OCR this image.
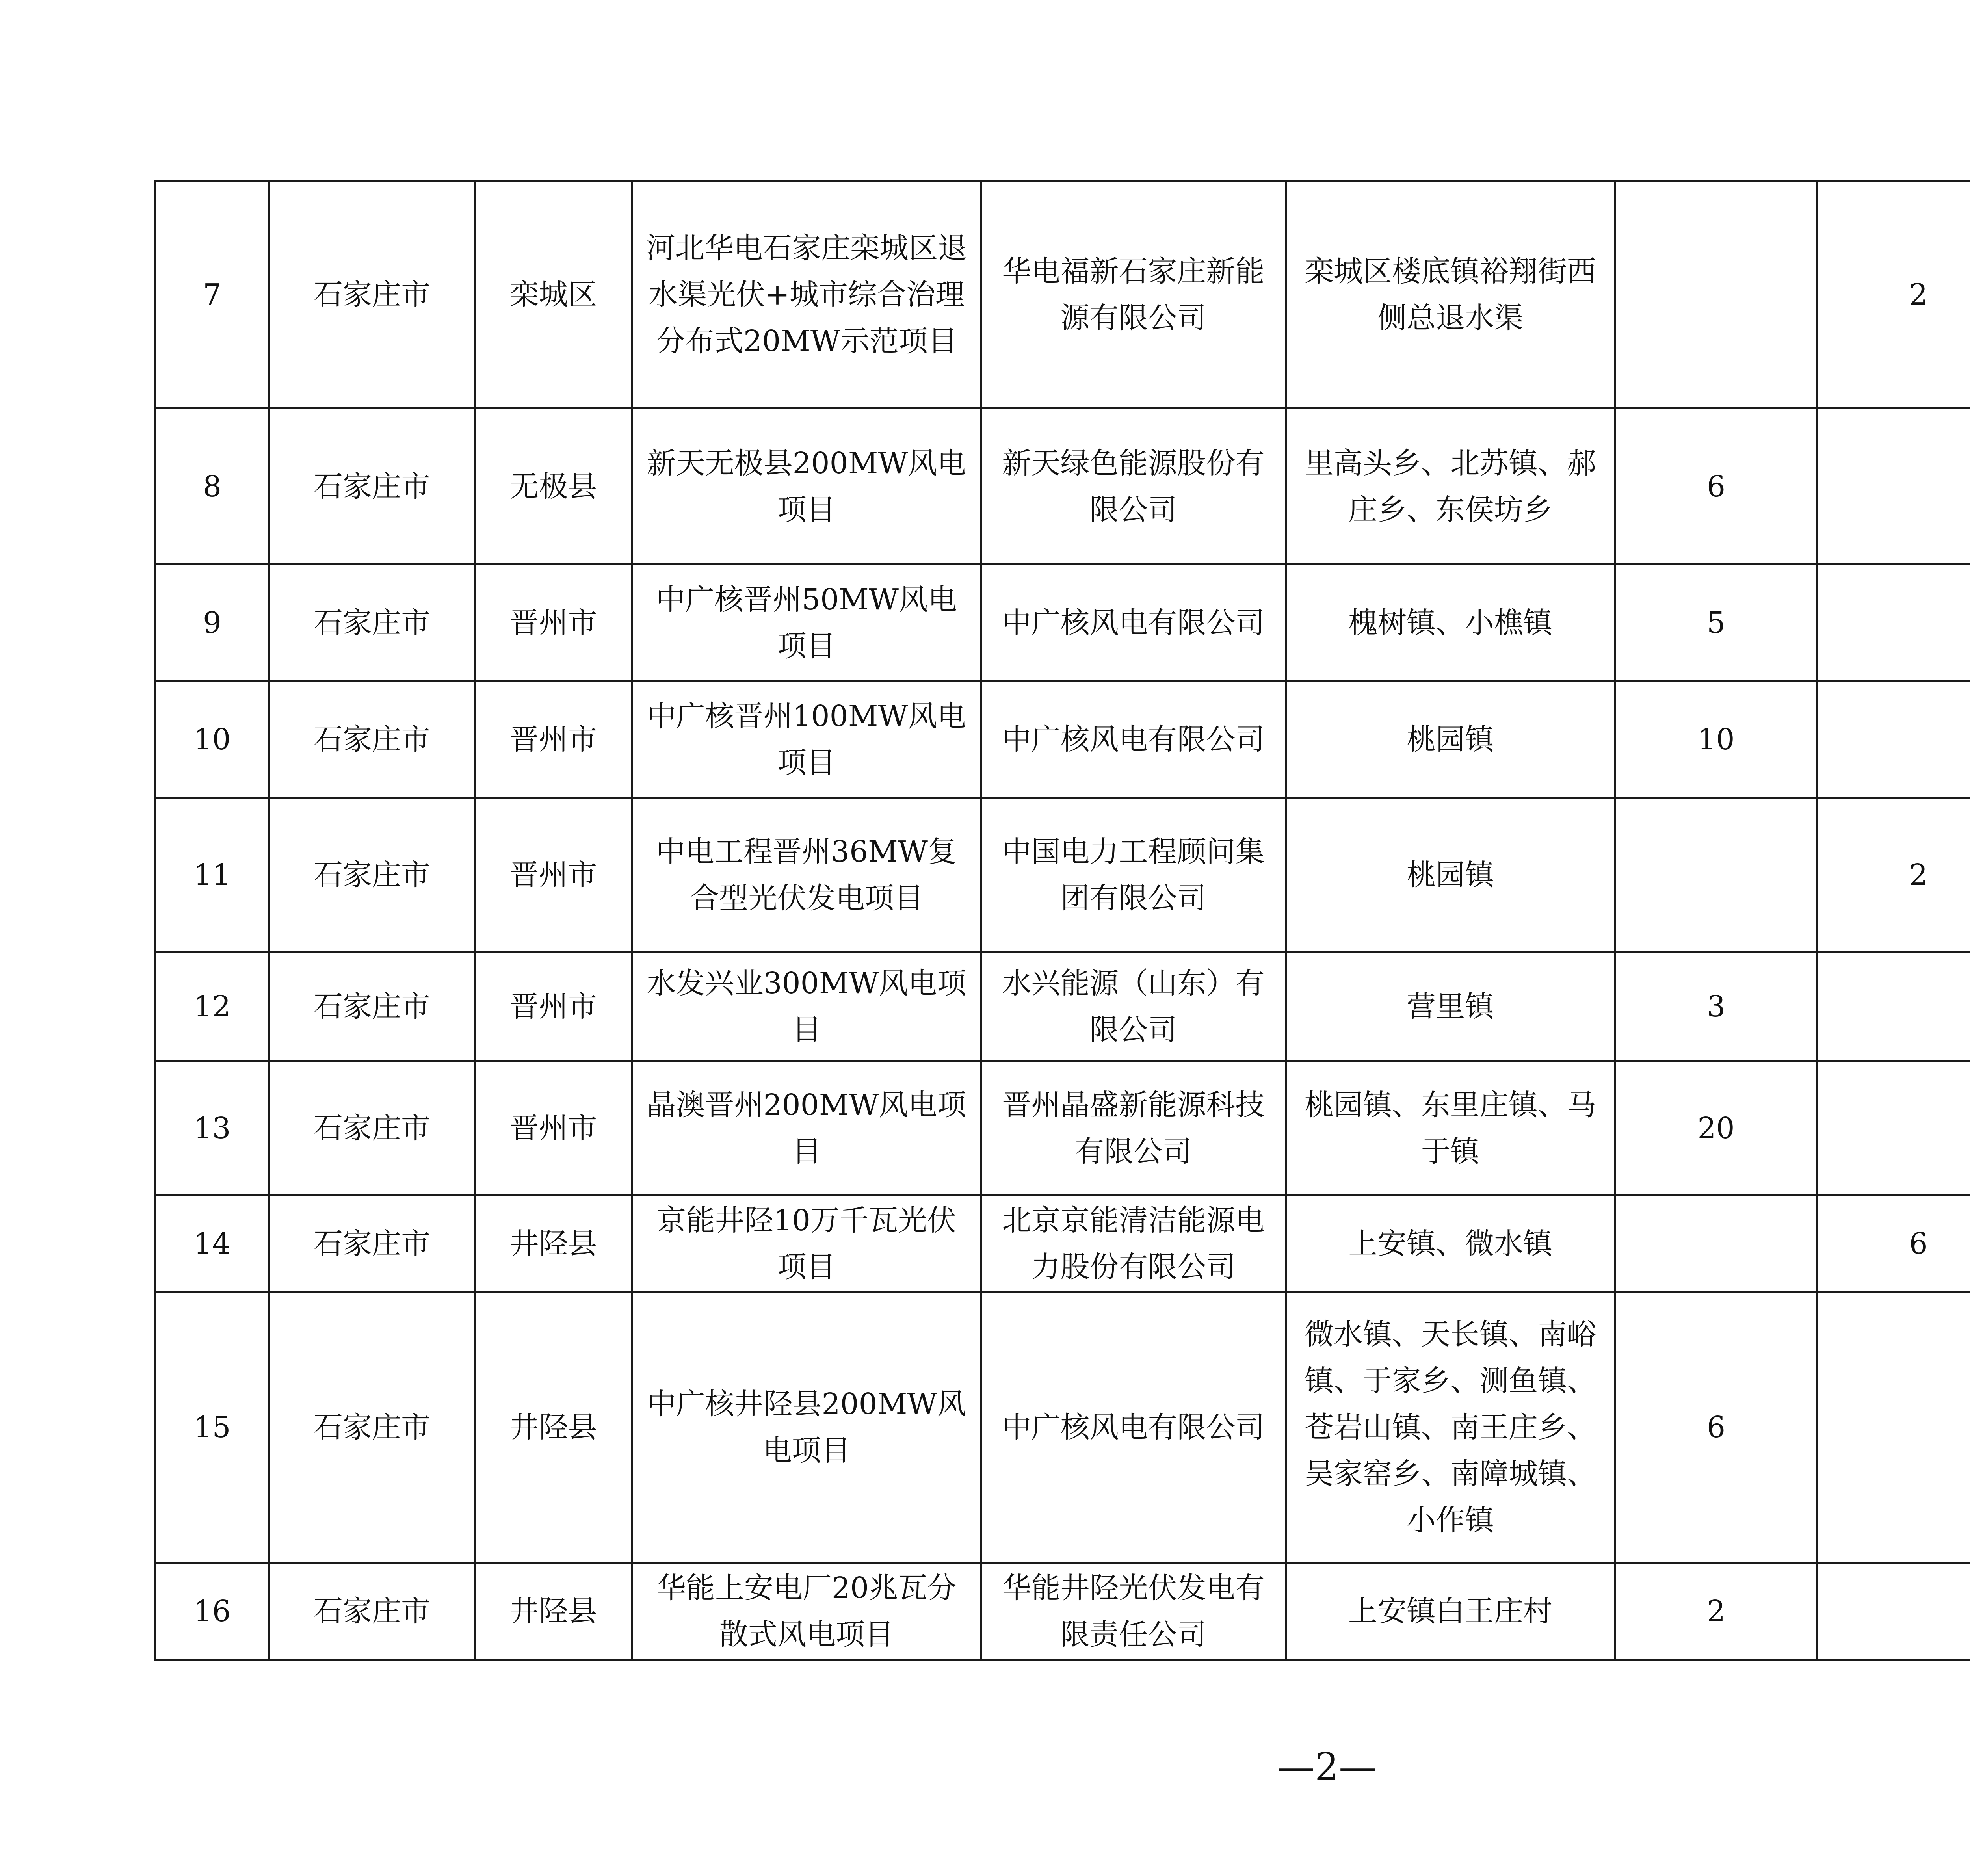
7	石家庄市	栾城区	河北华电石家庄栾城区退水渠光伏+城市综合治理分布式20MW示范项目	华电福新石家庄新能源有限公司	栾城区楼底镇裕翔街西侧总退水渠		2		
8	石家庄市	无极县	新天无极县200MW风电项目	新天绿色能源股份有限公司	里高头乡、北苏镇、郝庄乡、东侯坊乡	6			
9	石家庄市	晋州市	中广核晋州50MW风电项目	中广核风电有限公司	槐树镇、小樵镇	5			
10	石家庄市	晋州市	中广核晋州100MW风电项目	中广核风电有限公司	桃园镇	10			
11	石家庄市	晋州市	中电工程晋州36MW复合型光伏发电项目	中国电力工程顾问集团有限公司	桃园镇		2		
12	石家庄市	晋州市	水发兴业300MW风电项目	水兴能源（山东）有限公司	营里镇	3			
13	石家庄市	晋州市	晶澳晋州200MW风电项目	晋州晶盛新能源科技有限公司	桃园镇、东里庄镇、马于镇	20			
14	石家庄市	井陉县	京能井陉10万千瓦光伏项目	北京京能清洁能源电力股份有限公司	上安镇、微水镇		6		
15	石家庄市	井陉县	中广核井陉县200MW风电项目	中广核风电有限公司	微水镇、天长镇、南峪镇、于家乡、测鱼镇、苍岩山镇、南王庄乡、吴家窑乡、南障城镇、小作镇	6			
16	石家庄市	井陉县	华能上安电厂20兆瓦分散式风电项目	华能井陉光伏发电有限责任公司	上安镇白王庄村	2			
—2—
